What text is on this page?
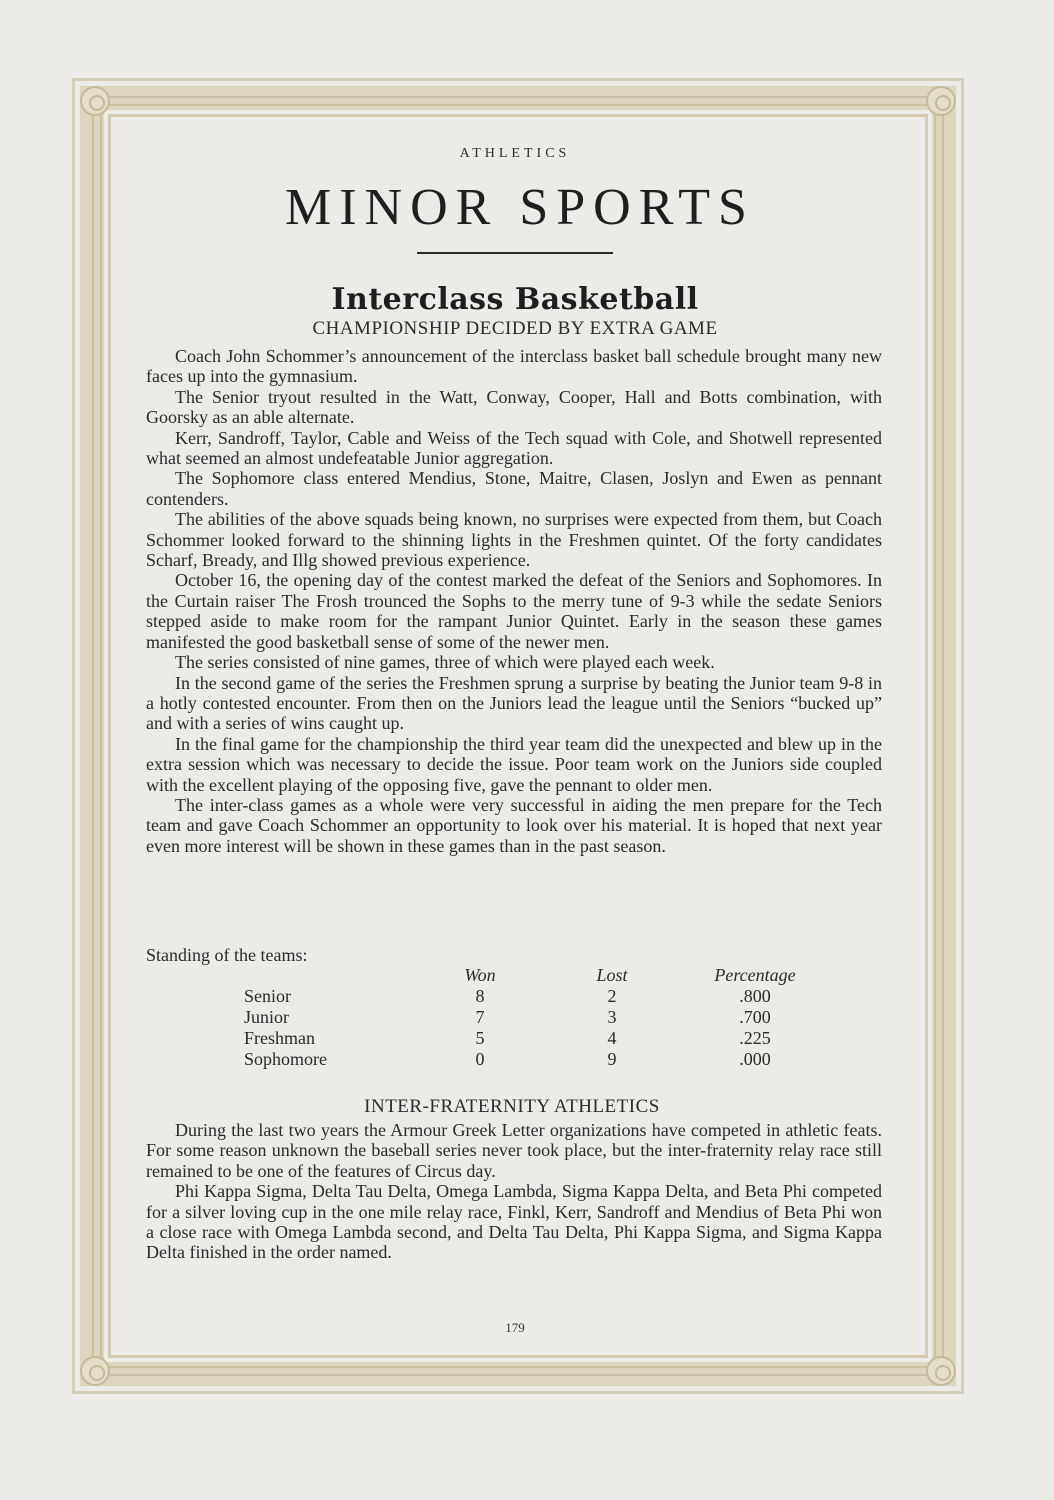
ATHLETICS
MINOR SPORTS
Interclass Basketball
CHAMPIONSHIP DECIDED BY EXTRA GAME

Coach John Schommer’s announcement of the interclass basket ball schedule brought many new faces up into the gymnasium.

The Senior tryout resulted in the Watt, Conway, Cooper, Hall and Botts combination, with Goorsky as an able alternate.

Kerr, Sandroff, Taylor, Cable and Weiss of the Tech squad with Cole, and Shotwell represented what seemed an almost undefeatable Junior aggregation.

The Sophomore class entered Mendius, Stone, Maitre, Clasen, Joslyn and Ewen as pennant contenders.

The abilities of the above squads being known, no surprises were expected from them, but Coach Schommer looked forward to the shinning lights in the Freshmen quintet. Of the forty candidates Scharf, Bready, and Illg showed previous experience.

October 16, the opening day of the contest marked the defeat of the Seniors and Sophomores. In the Curtain raiser The Frosh trounced the Sophs to the merry tune of 9-3 while the sedate Seniors stepped aside to make room for the rampant Junior Quintet. Early in the season these games manifested the good basketball sense of some of the newer men.

The series consisted of nine games, three of which were played each week.

In the second game of the series the Freshmen sprung a surprise by beating the Junior team 9-8 in a hotly contested encounter. From then on the Juniors lead the league until the Seniors “bucked up” and with a series of wins caught up.

In the final game for the championship the third year team did the unexpected and blew up in the extra session which was necessary to decide the issue. Poor team work on the Juniors side coupled with the excellent playing of the opposing five, gave the pennant to older men.

The inter-class games as a whole were very successful in aiding the men prepare for the Tech team and gave Coach Schommer an opportunity to look over his material. It is hoped that next year even more interest will be shown in these games than in the past season.

Standing of the teams:
	Won	Lost	Percentage
Senior	8	2	.800
Junior	7	3	.700
Freshman	5	4	.225
Sophomore	0	9	.000
INTER-FRATERNITY ATHLETICS

During the last two years the Armour Greek Letter organizations have competed in athletic feats. For some reason unknown the baseball series never took place, but the inter-fraternity relay race still remained to be one of the features of Circus day.

Phi Kappa Sigma, Delta Tau Delta, Omega Lambda, Sigma Kappa Delta, and Beta Phi competed for a silver loving cup in the one mile relay race, Finkl, Kerr, Sandroff and Mendius of Beta Phi won a close race with Omega Lambda second, and Delta Tau Delta, Phi Kappa Sigma, and Sigma Kappa Delta finished in the order named.

179
